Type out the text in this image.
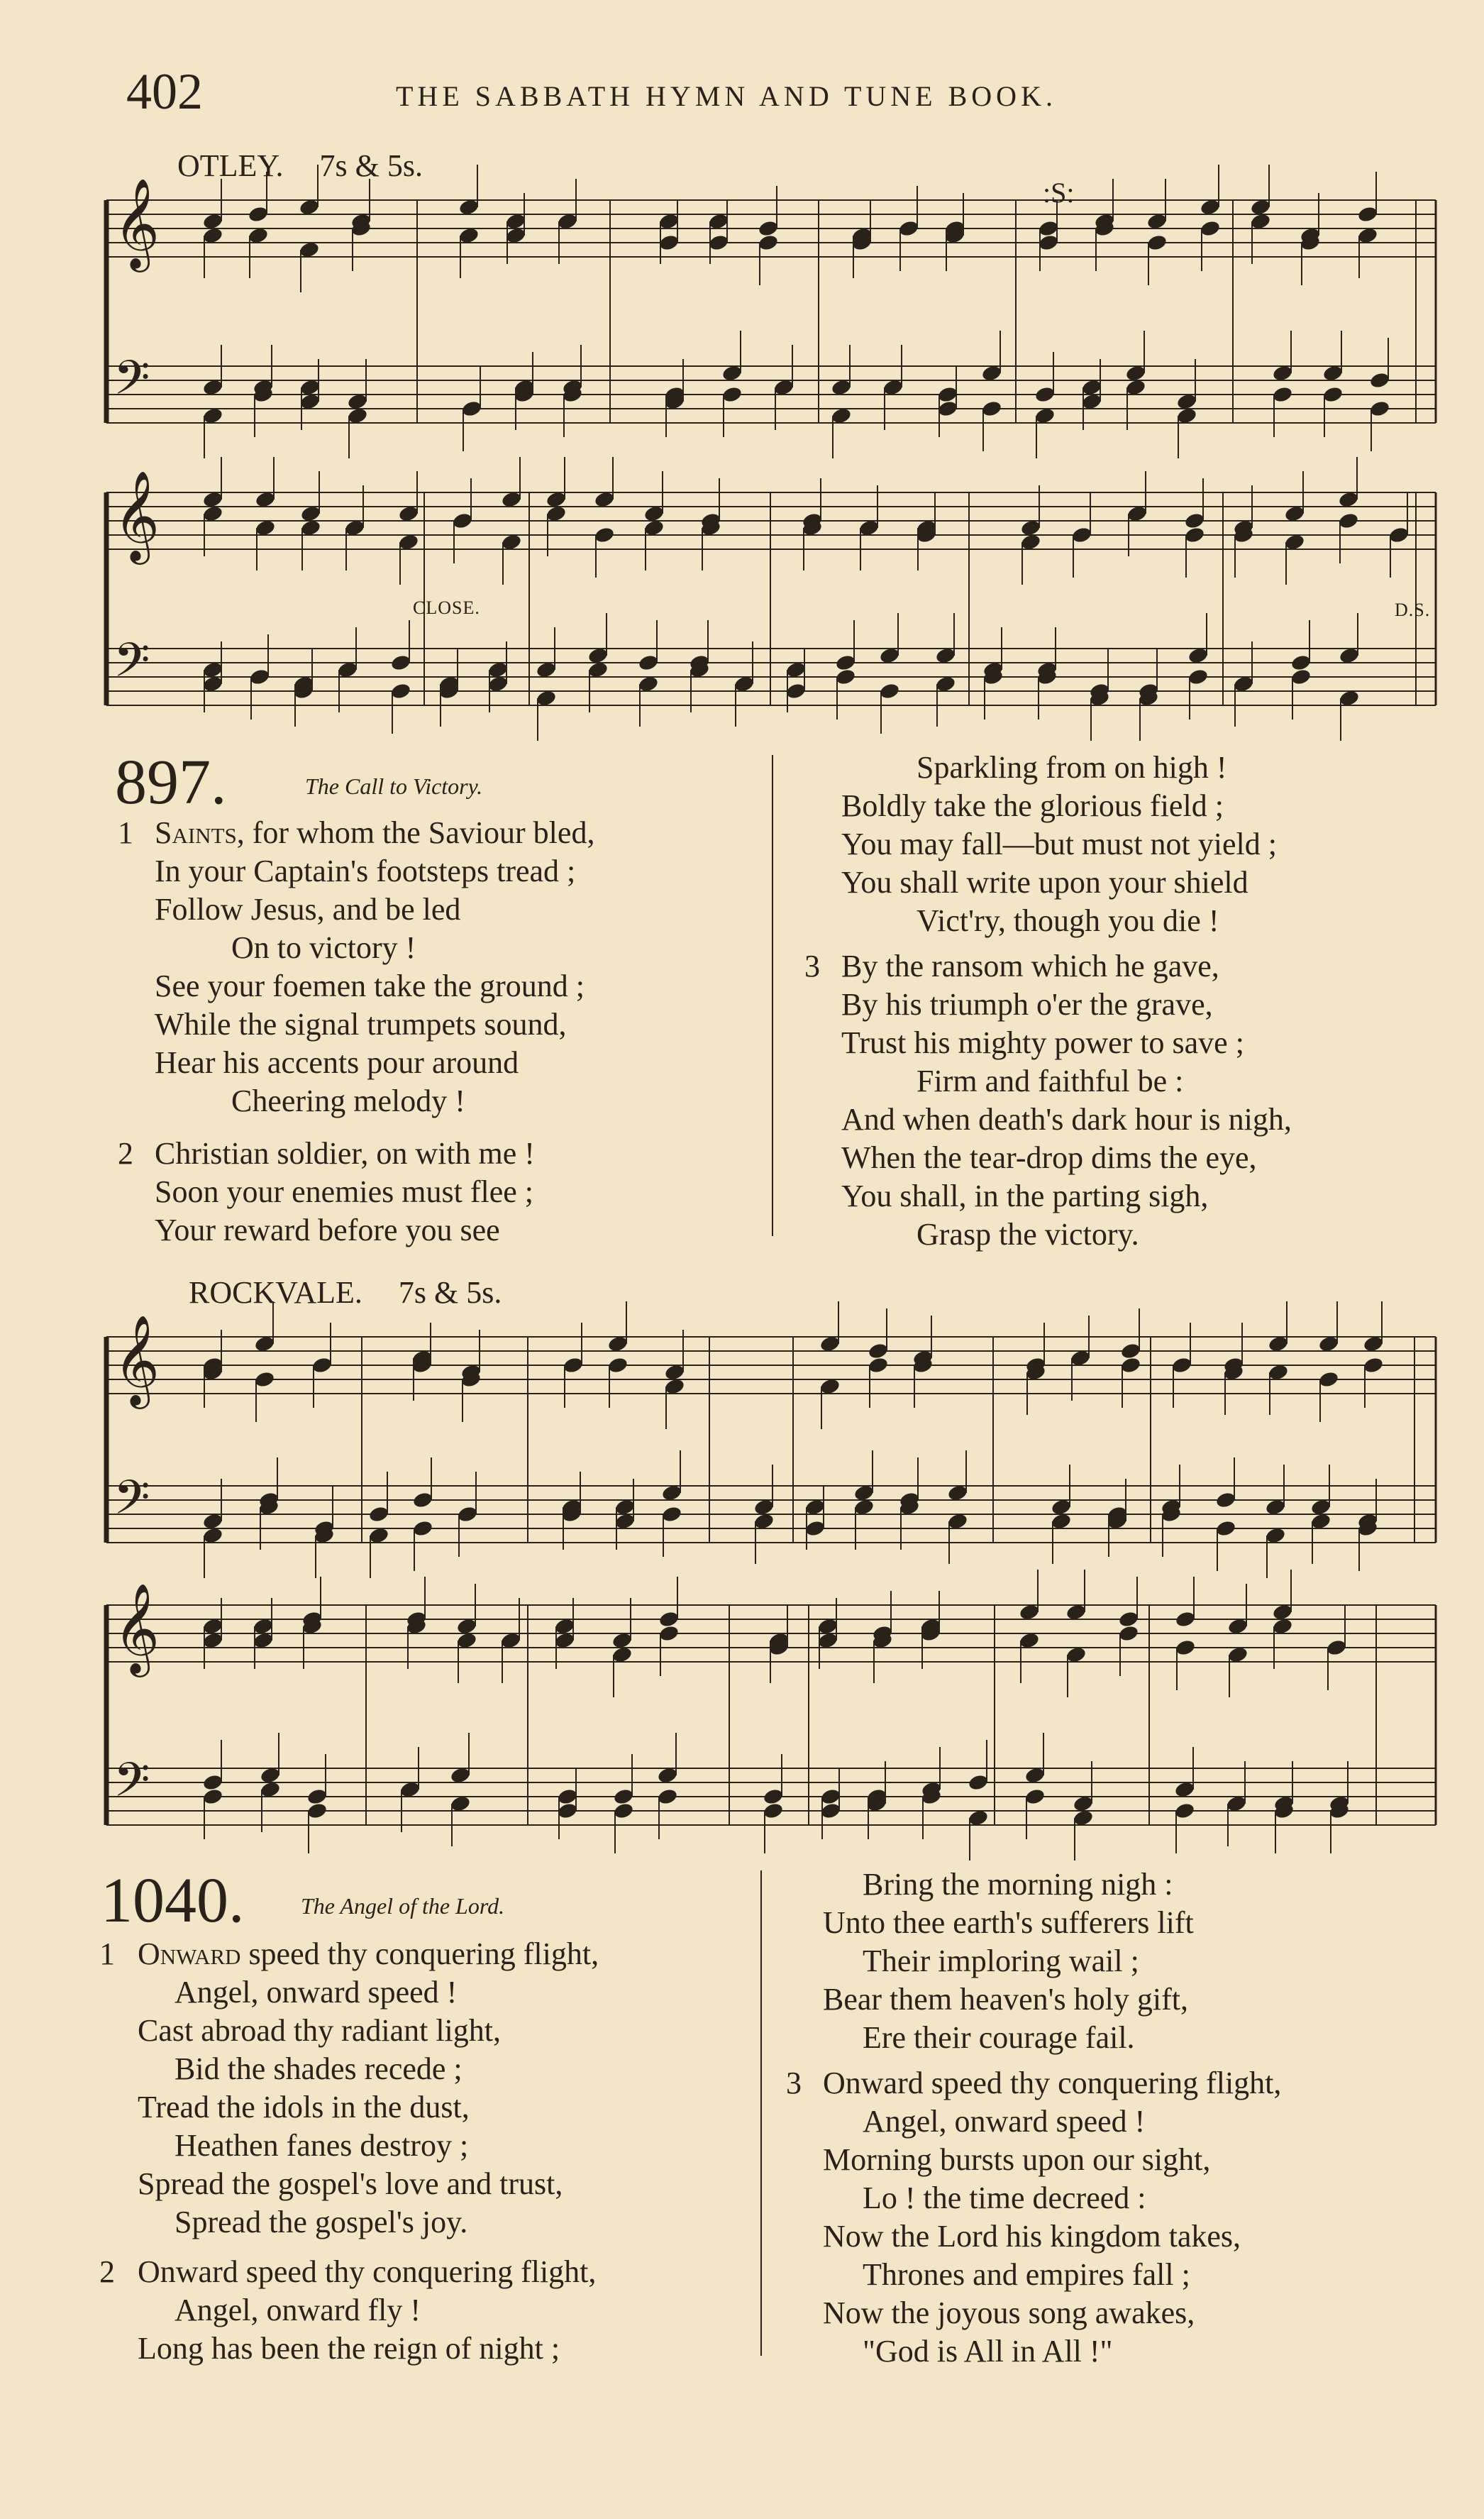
402	THE SABBATH HYMN AND TUNE BOOK.
OTLEY. 7s & 5s.
:S:
𝄞
𝄢
𝄞
𝄢
𝄞
𝄢
𝄞
𝄢
CLOSE.	D.S.
897.	The Call to Victory.
1 Saints, for whom the Saviour bled,
In your Captain's footsteps tread ;
Follow Jesus, and be led
On to victory !
See your foemen take the ground ;
While the signal trumpets sound,
Hear his accents pour around
Cheering melody !
2 Christian soldier, on with me !
Soon your enemies must flee ;
Your reward before you see
Sparkling from on high !
Boldly take the glorious field ;
You may fall—but must not yield ;
You shall write upon your shield
Vict'ry, though you die !
3 By the ransom which he gave,
By his triumph o'er the grave,
Trust his mighty power to save ;
Firm and faithful be :
And when death's dark hour is nigh,
When the tear-drop dims the eye,
You shall, in the parting sigh,
Grasp the victory.
ROCKVALE. 7s & 5s.
1040. The Angel of the Lord.
1 Onward speed thy conquering flight,
Angel, onward speed !
Cast abroad thy radiant light,
Bid the shades recede ;
Tread the idols in the dust,
Heathen fanes destroy ;
Spread the gospel's love and trust,
Spread the gospel's joy.
2 Onward speed thy conquering flight,
Angel, onward fly !
Long has been the reign of night ;
Bring the morning nigh :
Unto thee earth's sufferers lift
Their imploring wail ;
Bear them heaven's holy gift,
Ere their courage fail.
3 Onward speed thy conquering flight,
Angel, onward speed !
Morning bursts upon our sight,
Lo ! the time decreed :
Now the Lord his kingdom takes,
Thrones and empires fall ;
Now the joyous song awakes,
"God is All in All !"
